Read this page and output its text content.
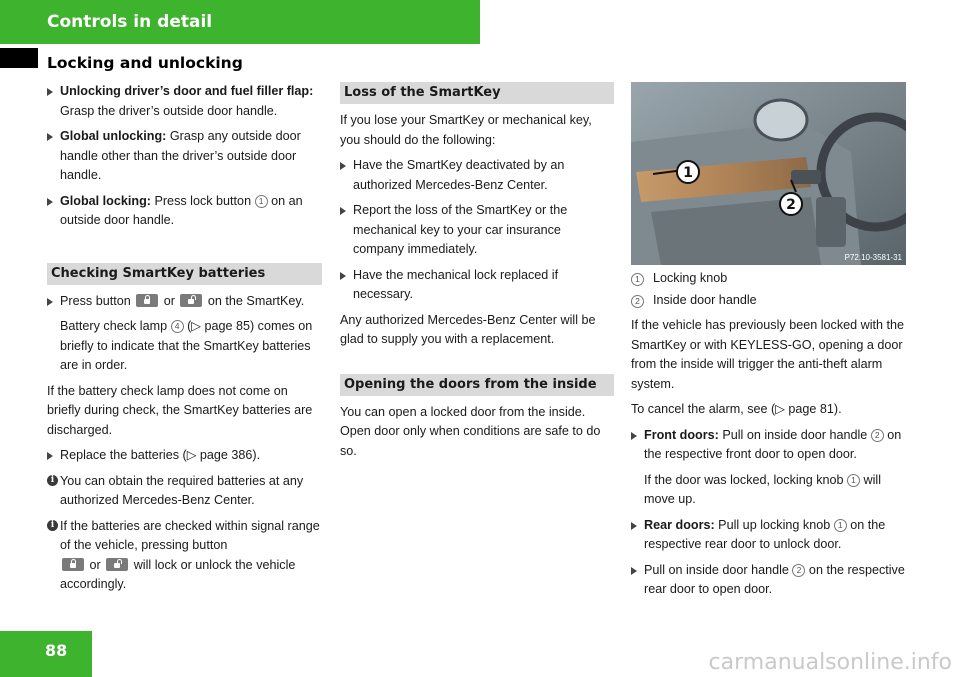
Controls in detail
Locking and unlocking
Unlocking driver’s door and fuel filler flap: Grasp the driver’s outside door handle.
Global unlocking: Grasp any outside door handle other than the driver’s outside door handle.
Global locking: Press lock button 1 on an outside door handle.
Checking SmartKey batteries
Press button
or
on the SmartKey.
Battery check lamp 4 (▷ page 85) comes on briefly to indicate that the SmartKey batteries are in order.

If the battery check lamp does not come on briefly during check, the SmartKey batteries are discharged.

Replace the batteries (▷ page 386).
i You can obtain the required batteries at any authorized Mercedes-Benz Center.
i If the batteries are checked within signal range of the vehicle, pressing button

or
will lock or unlock the vehicle accordingly.
Loss of the SmartKey

If you lose your SmartKey or mechanical key, you should do the following:

Have the SmartKey deactivated by an authorized Mercedes-Benz Center.
Report the loss of the SmartKey or the mechanical key to your car insurance company immediately.
Have the mechanical lock replaced if necessary.

Any authorized Mercedes-Benz Center will be glad to supply you with a replacement.

Opening the doors from the inside

You can open a locked door from the inside. Open door only when conditions are safe to do so.

1
2
P72.10-3581-31
1	Locking knob
2	Inside door handle

If the vehicle has previously been locked with the SmartKey or with KEYLESS-GO, opening a door from the inside will trigger the anti-theft alarm system.

To cancel the alarm, see (▷ page 81).

Front doors: Pull on inside door handle 2 on the respective front door to open door.
If the door was locked, locking knob 1 will move up.
Rear doors: Pull up locking knob 1 on the respective rear door to unlock door.
Pull on inside door handle 2 on the respective rear door to open door.
88	carmanualsonline.info
